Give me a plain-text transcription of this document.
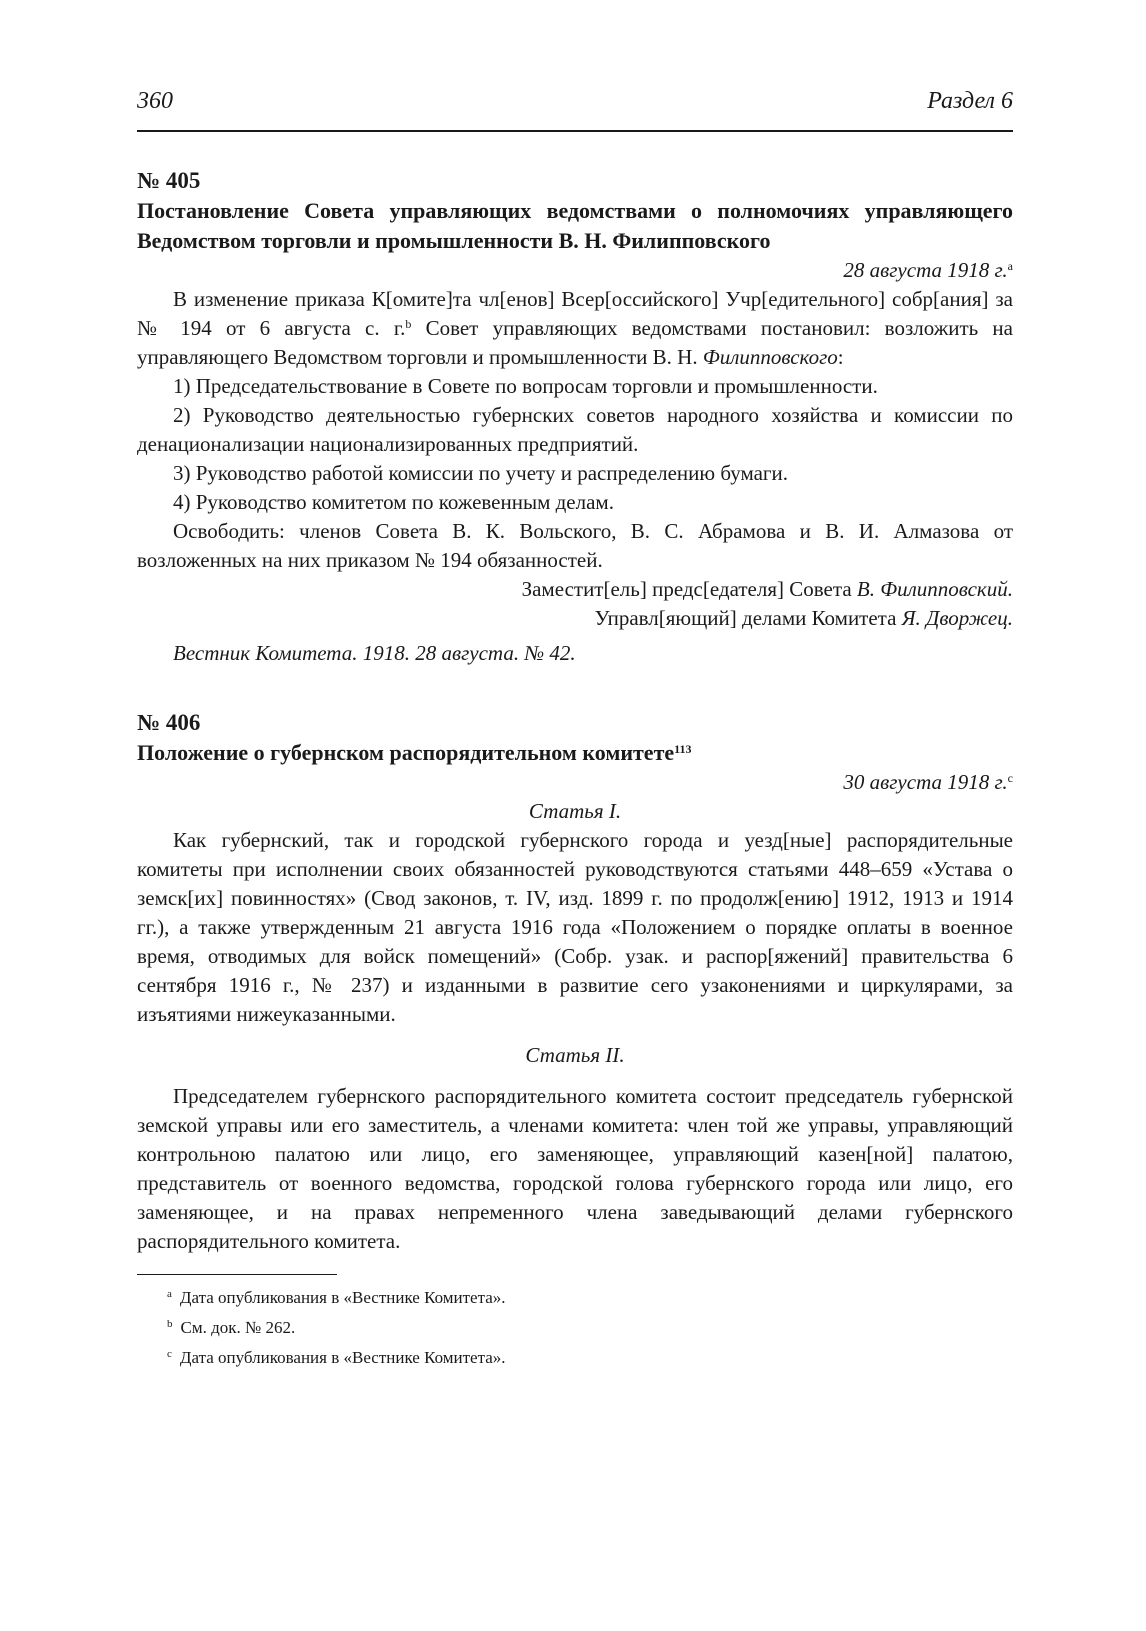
360	Раздел 6
№ 405
Постановление Совета управляющих ведомствами о полномочиях управляющего Ведомством торговли и промышленности В. Н. Филипповского
28 августа 1918 г.$^a$

В изменение приказа К[омите]та чл[енов] Всер[оссийского] Учр[едительного] собр[ания] за № 194 от 6 августа с. г.$^b$ Совет управляющих ведомствами постановил: возложить на управляющего Ведомством торговли и промышленности В. Н. Филипповского:

1) Председательствование в Совете по вопросам торговли и промышленности.

2) Руководство деятельностью губернских советов народного хозяйства и комиссии по денационализации национализированных предприятий.

3) Руководство работой комиссии по учету и распределению бумаги.

4) Руководство комитетом по кожевенным делам.

Освободить: членов Совета В. К. Вольского, В. С. Абрамова и В. И. Алмазова от возложенных на них приказом № 194 обязанностей.

Заместит[ель] предс[едателя] Совета В. Филипповский.
Управл[яющий] делами Комитета Я. Дворжец.

Вестник Комитета. 1918. 28 августа. № 42.

№ 406
Положение о губернском распорядительном комитете$^{113}$
30 августа 1918 г.$^c$
Статья I.

Как губернский, так и городской губернского города и уезд[ные] распорядительные комитеты при исполнении своих обязанностей руководствуются статьями 448–659 «Устава о земск[их] повинностях» (Свод законов, т. IV, изд. 1899 г. по продолж[ению] 1912, 1913 и 1914 гг.), а также утвержденным 21 августа 1916 года «Положением о порядке оплаты в военное время, отводимых для войск помещений» (Собр. узак. и распор[яжений] правительства 6 сентября 1916 г., № 237) и изданными в развитие сего узаконениями и циркулярами, за изъятиями нижеуказанными.

Статья II.

Председателем губернского распорядительного комитета состоит председатель губернской земской управы или его заместитель, а членами комитета: член той же управы, управляющий контрольною палатою или лицо, его заменяющее, управляющий казен[ной] палатою, представитель от военного ведомства, городской голова губернского города или лицо, его заменяющее, и на правах непременного члена заведывающий делами губернского распорядительного комитета.

$^a$ Дата опубликования в «Вестнике Комитета».
$^b$ См. док. № 262.
$^c$ Дата опубликования в «Вестнике Комитета».
